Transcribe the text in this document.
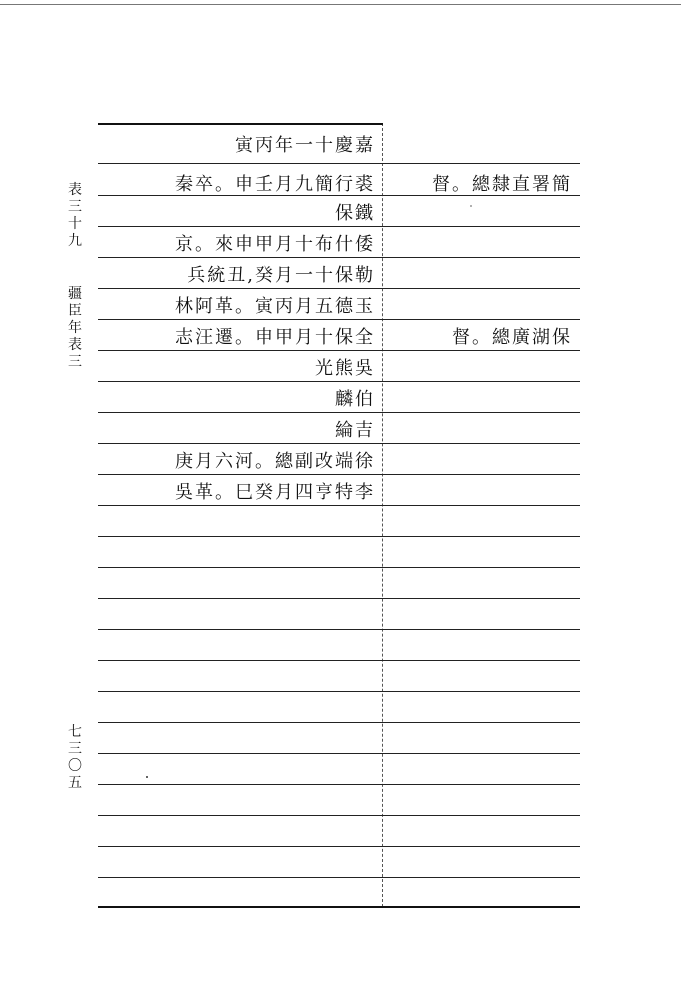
表
三
十
九
疆
臣
年
表
三
七
三
〇
五
寅丙年一十慶嘉
秦卒。申壬月九簡行裘
保鐵
京。來申甲月十布什倭
兵統丑,癸月一十保勒
林阿革。寅丙月五德玉
志汪遷。申甲月十保全
光熊吳
麟伯
綸吉
庚月六河。總副改端徐
吳革。巳癸月四亨特李
督。總隸直署簡
督。總廣湖保
